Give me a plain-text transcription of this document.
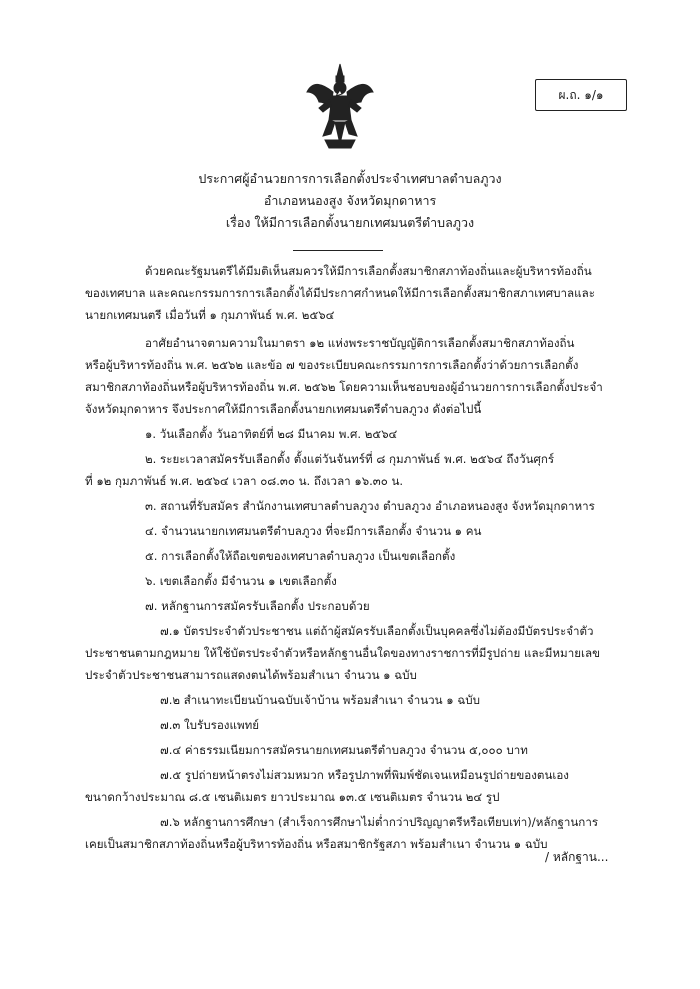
ผ.ถ. ๑/๑
ประกาศผู้อำนวยการการเลือกตั้งประจำเทศบาลตำบลภูวง
อำเภอหนองสูง จังหวัดมุกดาหาร
เรื่อง ให้มีการเลือกตั้งนายกเทศมนตรีตำบลภูวง
ด้วยคณะรัฐมนตรีได้มีมติเห็นสมควรให้มีการเลือกตั้งสมาชิกสภาท้องถิ่นและผู้บริหารท้องถิ่น
ของเทศบาล และคณะกรรมการการเลือกตั้งได้มีประกาศกำหนดให้มีการเลือกตั้งสมาชิกสภาเทศบาลและ
นายกเทศมนตรี เมื่อวันที่ ๑ กุมภาพันธ์ พ.ศ. ๒๕๖๔
อาศัยอำนาจตามความในมาตรา ๑๒ แห่งพระราชบัญญัติการเลือกตั้งสมาชิกสภาท้องถิ่น
หรือผู้บริหารท้องถิ่น พ.ศ. ๒๕๖๒ และข้อ ๗ ของระเบียบคณะกรรมการการเลือกตั้งว่าด้วยการเลือกตั้ง
สมาชิกสภาท้องถิ่นหรือผู้บริหารท้องถิ่น พ.ศ. ๒๕๖๒ โดยความเห็นชอบของผู้อำนวยการการเลือกตั้งประจำ
จังหวัดมุกดาหาร จึงประกาศให้มีการเลือกตั้งนายกเทศมนตรีตำบลภูวง ดังต่อไปนี้
๑. วันเลือกตั้ง วันอาทิตย์ที่ ๒๘ มีนาคม พ.ศ. ๒๕๖๔
๒. ระยะเวลาสมัครรับเลือกตั้ง ตั้งแต่วันจันทร์ที่ ๘ กุมภาพันธ์ พ.ศ. ๒๕๖๔ ถึงวันศุกร์
ที่ ๑๒ กุมภาพันธ์ พ.ศ. ๒๕๖๔ เวลา ๐๘.๓๐ น. ถึงเวลา ๑๖.๓๐ น.
๓. สถานที่รับสมัคร สำนักงานเทศบาลตำบลภูวง ตำบลภูวง อำเภอหนองสูง จังหวัดมุกดาหาร
๔. จำนวนนายกเทศมนตรีตำบลภูวง ที่จะมีการเลือกตั้ง จำนวน ๑ คน
๕. การเลือกตั้งให้ถือเขตของเทศบาลตำบลภูวง เป็นเขตเลือกตั้ง
๖. เขตเลือกตั้ง มีจำนวน ๑ เขตเลือกตั้ง
๗. หลักฐานการสมัครรับเลือกตั้ง ประกอบด้วย
๗.๑ บัตรประจำตัวประชาชน แต่ถ้าผู้สมัครรับเลือกตั้งเป็นบุคคลซึ่งไม่ต้องมีบัตรประจำตัว
ประชาชนตามกฎหมาย ให้ใช้บัตรประจำตัวหรือหลักฐานอื่นใดของทางราชการที่มีรูปถ่าย และมีหมายเลข
ประจำตัวประชาชนสามารถแสดงตนได้พร้อมสำเนา จำนวน ๑ ฉบับ
๗.๒ สำเนาทะเบียนบ้านฉบับเจ้าบ้าน พร้อมสำเนา จำนวน ๑ ฉบับ
๗.๓ ใบรับรองแพทย์
๗.๔ ค่าธรรมเนียมการสมัครนายกเทศมนตรีตำบลภูวง จำนวน ๕,๐๐๐ บาท
๗.๕ รูปถ่ายหน้าตรงไม่สวมหมวก หรือรูปภาพที่พิมพ์ชัดเจนเหมือนรูปถ่ายของตนเอง
ขนาดกว้างประมาณ ๘.๕ เซนติเมตร ยาวประมาณ ๑๓.๕ เซนติเมตร จำนวน ๒๔ รูป
๗.๖ หลักฐานการศึกษา (สำเร็จการศึกษาไม่ต่ำกว่าปริญญาตรีหรือเทียบเท่า)/หลักฐานการ
เคยเป็นสมาชิกสภาท้องถิ่นหรือผู้บริหารท้องถิ่น หรือสมาชิกรัฐสภา พร้อมสำเนา จำนวน ๑ ฉบับ
/ หลักฐาน...
